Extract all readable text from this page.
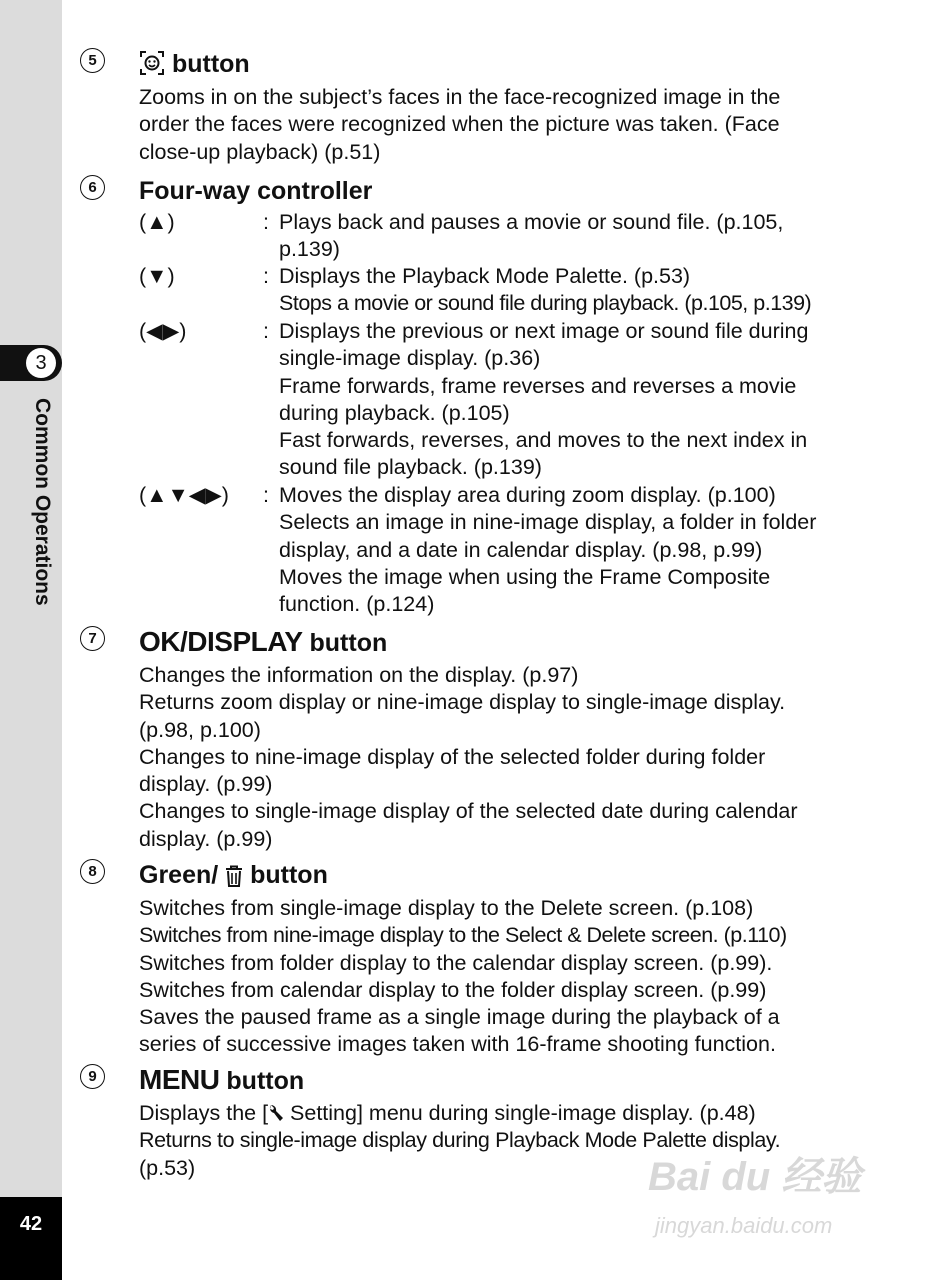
3
Common Operations
42
5	button
Zooms in on the subject’s faces in the face-recognized image in the
order the faces were recognized when the picture was taken. (Face
close-up playback) (p.51)
6	Four-way controller
(▲)	: Plays back and pauses a movie or sound file. (p.105,
p.139)
(▼)	: Displays the Playback Mode Palette. (p.53)
Stops a movie or sound file during playback. (p.105, p.139)
(◀▶)	: Displays the previous or next image or sound file during
single-image display. (p.36)
Frame forwards, frame reverses and reverses a movie
during playback. (p.105)
Fast forwards, reverses, and moves to the next index in
sound file playback. (p.139)
(▲▼◀▶) : Moves the display area during zoom display. (p.100)
Selects an image in nine-image display, a folder in folder
display, and a date in calendar display. (p.98, p.99)
Moves the image when using the Frame Composite
function. (p.124)
7 OK/DISPLAY button
Changes the information on the display. (p.97)
Returns zoom display or nine-image display to single-image display.
(p.98, p.100)
Changes to nine-image display of the selected folder during folder
display. (p.99)
Changes to single-image display of the selected date during calendar
display. (p.99)
8	Green/ button
Switches from single-image display to the Delete screen. (p.108)
Switches from nine-image display to the Select & Delete screen. (p.110)
Switches from folder display to the calendar display screen. (p.99).
Switches from calendar display to the folder display screen. (p.99)
Saves the paused frame as a single image during the playback of a
series of successive images taken with 16-frame shooting function.
9 MENU button
Displays the [ Setting] menu during single-image display. (p.48)
Returns to single-image display during Playback Mode Palette display.
(p.53)	Bai du 经验
jingyan.baidu.com
